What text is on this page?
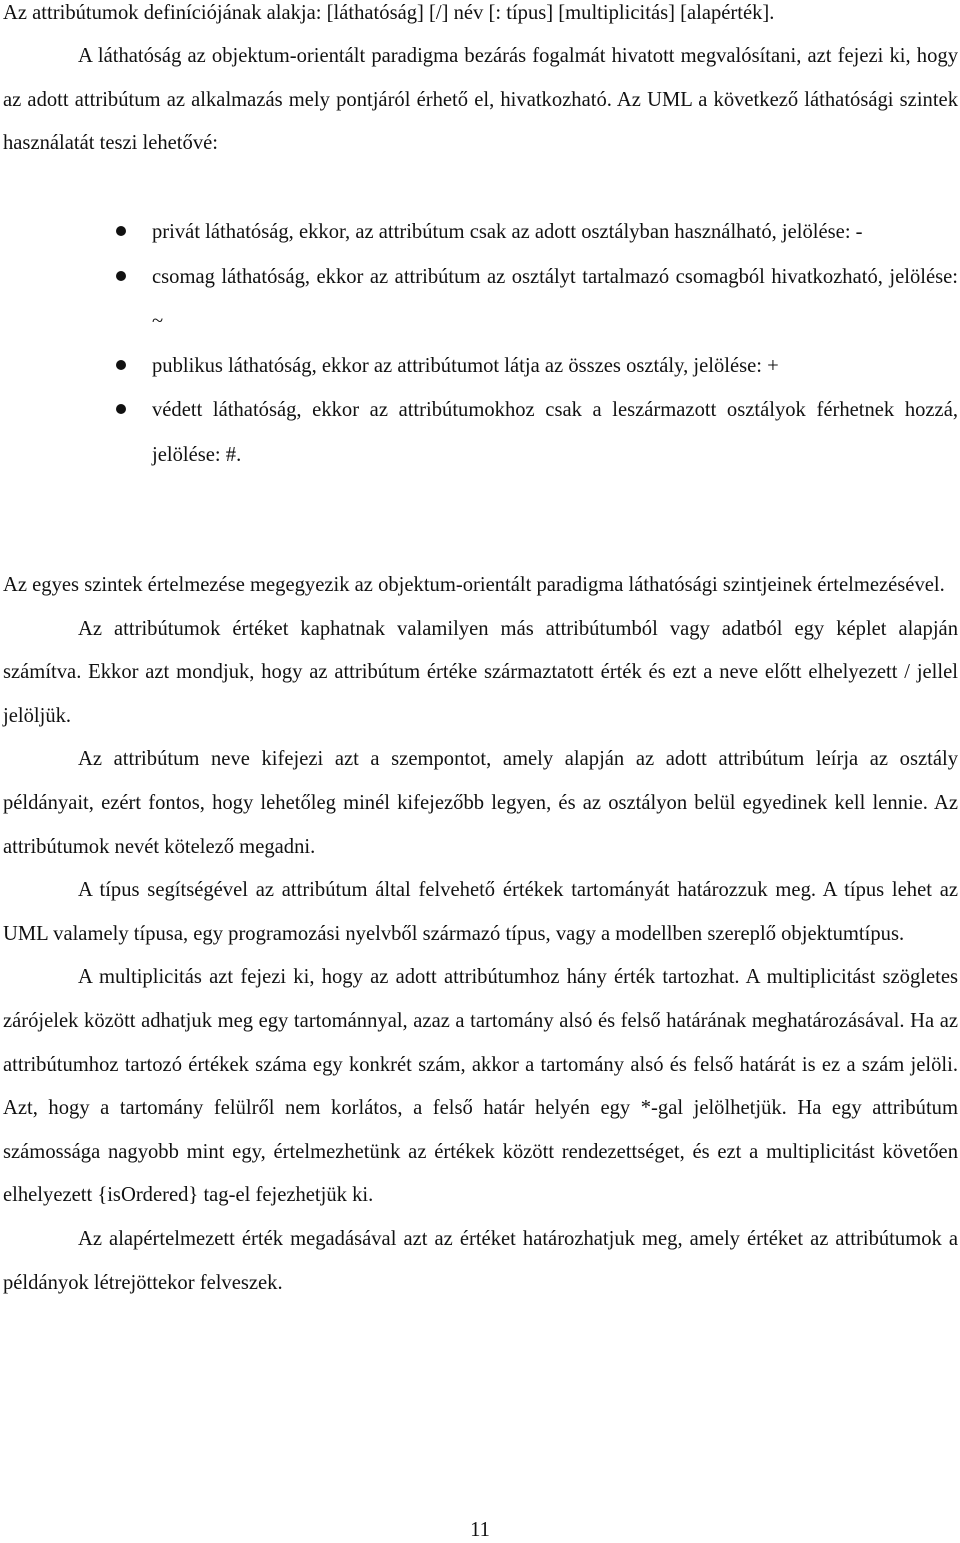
Az attribútumok definíciójának alakja: [láthatóság] [/] név [: típus] [multiplicitás] [alapérték].

A láthatóság az objektum-orientált paradigma bezárás fogalmát hivatott megvalósítani, azt fejezi ki, hogy az adott attribútum az alkalmazás mely pontjáról érhető el, hivatkozható. Az UML a következő láthatósági szintek használatát teszi lehetővé:

privát láthatóság, ekkor, az attribútum csak az adott osztályban használható, jelölése: -
csomag láthatóság, ekkor az attribútum az osztályt tartalmazó csomagból hivatkozható, jelölése: ~
publikus láthatóság, ekkor az attribútumot látja az összes osztály, jelölése: +
védett láthatóság, ekkor az attribútumokhoz csak a leszármazott osztályok férhetnek hozzá, jelölése: #.

Az egyes szintek értelmezése megegyezik az objektum-orientált paradigma láthatósági szintjeinek értelmezésével.

Az attribútumok értéket kaphatnak valamilyen más attribútumból vagy adatból egy képlet alapján számítva. Ekkor azt mondjuk, hogy az attribútum értéke származtatott érték és ezt a neve előtt elhelyezett / jellel jelöljük.

Az attribútum neve kifejezi azt a szempontot, amely alapján az adott attribútum leírja az osztály példányait, ezért fontos, hogy lehetőleg minél kifejezőbb legyen, és az osztályon belül egyedinek kell lennie. Az attribútumok nevét kötelező megadni.

A típus segítségével az attribútum által felvehető értékek tartományát határozzuk meg. A típus lehet az UML valamely típusa, egy programozási nyelvből származó típus, vagy a modellben szereplő objektumtípus.

A multiplicitás azt fejezi ki, hogy az adott attribútumhoz hány érték tartozhat. A multiplicitást szögletes zárójelek között adhatjuk meg egy tartománnyal, azaz a tartomány alsó és felső határának meghatározásával. Ha az attribútumhoz tartozó értékek száma egy konkrét szám, akkor a tartomány alsó és felső határát is ez a szám jelöli. Azt, hogy a tartomány felülről nem korlátos, a felső határ helyén egy *-gal jelölhetjük. Ha egy attribútum számossága nagyobb mint egy, értelmezhetünk az értékek között rendezettséget, és ezt a multiplicitást követően elhelyezett {isOrdered} tag-el fejezhetjük ki.

Az alapértelmezett érték megadásával azt az értéket határozhatjuk meg, amely értéket az attribútumok a példányok létrejöttekor felveszek.

11
